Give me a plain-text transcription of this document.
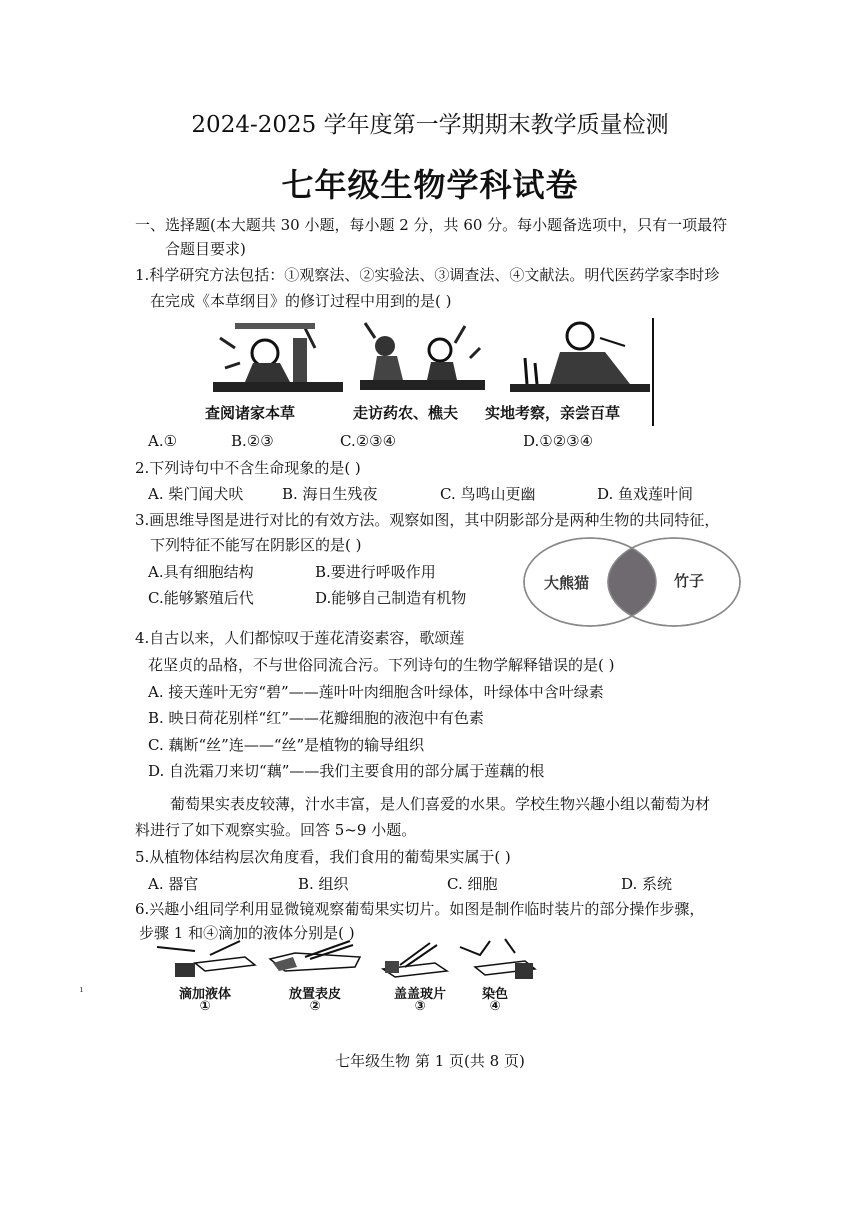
2024-2025 学年度第一学期期末教学质量检测
七年级生物学科试卷
一、选择题(本大题共 30 小题，每小题 2 分，共 60 分。每小题备选项中，只有一项最符
合题目要求)
1.科学研究方法包括：①观察法、②实验法、③调查法、④文献法。明代医药学家李时珍
在完成《本草纲目》的修订过程中用到的是( )
查阅诸家本草	走访药农、樵夫 实地考察，亲尝百草
A.①	B.②③	C.②③④	D.①②③④
2.下列诗句中不含生命现象的是( )
A. 柴门闻犬吠	B. 海日生残夜	C. 鸟鸣山更幽	D. 鱼戏莲叶间
3.画思维导图是进行对比的有效方法。观察如图，其中阴影部分是两种生物的共同特征，
下列特征不能写在阴影区的是( )
A.具有细胞结构	B.要进行呼吸作用
C.能够繁殖后代	D.能够自己制造有机物
大熊猫	竹子
4.自古以来，人们都惊叹于莲花清姿素容，歌颂莲
花坚贞的品格，不与世俗同流合污。下列诗句的生物学解释错误的是( )
A. 接天莲叶无穷“碧”——莲叶叶肉细胞含叶绿体，叶绿体中含叶绿素
B. 映日荷花别样“红”——花瓣细胞的液泡中有色素
C. 藕断“丝”连——“丝”是植物的输导组织
D. 自洗霜刀来切“藕”——我们主要食用的部分属于莲藕的根
葡萄果实表皮较薄，汁水丰富，是人们喜爱的水果。学校生物兴趣小组以葡萄为材
料进行了如下观察实验。回答 5~9 小题。
5.从植物体结构层次角度看，我们食用的葡萄果实属于( )
A. 器官	B. 组织	C. 细胞	D. 系统
6.兴趣小组同学利用显微镜观察葡萄果实切片。如图是制作临时装片的部分操作步骤，
步骤 1 和④滴加的液体分别是( )
滴加液体
①
放置表皮
②
盖盖玻片
③
染色
④
ı
七年级生物 第 1 页(共 8 页)
